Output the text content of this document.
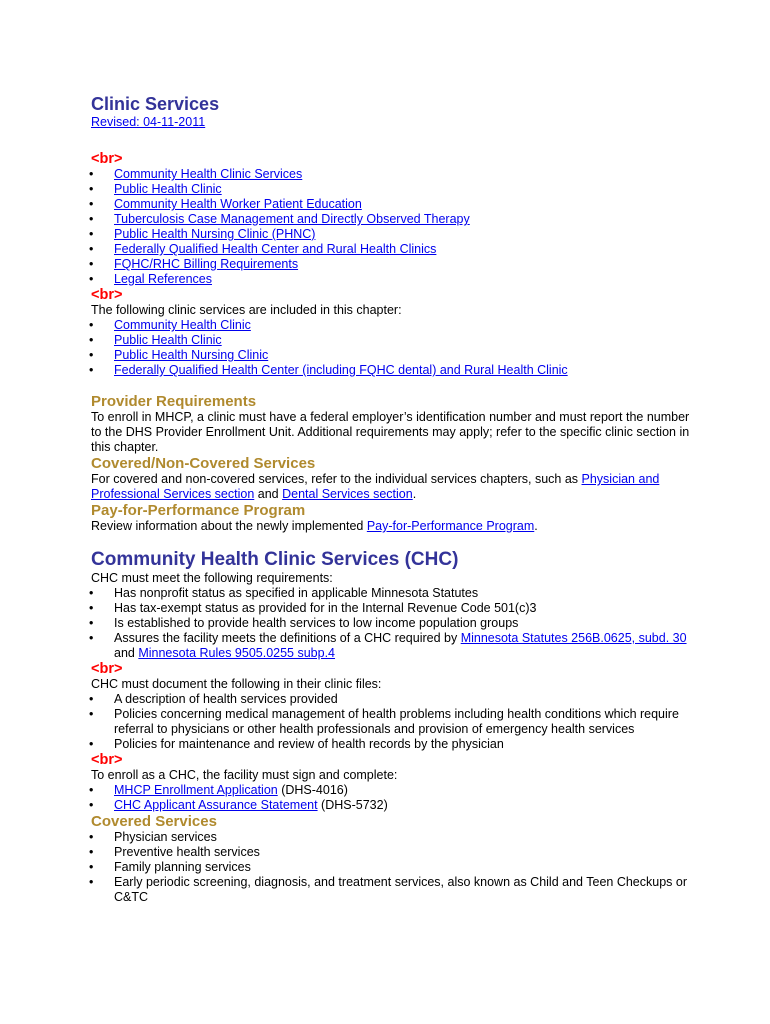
Clinic Services
Revised: 04-11-2011
<br>
• Community Health Clinic Services
• Public Health Clinic
• Community Health Worker Patient Education
• Tuberculosis Case Management and Directly Observed Therapy
• Public Health Nursing Clinic (PHNC)
• Federally Qualified Health Center and Rural Health Clinics
• FQHC/RHC Billing Requirements
• Legal References
<br>

The following clinic services are included in this chapter:

• Community Health Clinic
• Public Health Clinic
• Public Health Nursing Clinic
• Federally Qualified Health Center (including FQHC dental) and Rural Health Clinic
Provider Requirements

To enroll in MHCP, a clinic must have a federal employer’s identification number and must report the number to the DHS Provider Enrollment Unit. Additional requirements may apply; refer to the specific clinic section in this chapter.

Covered/Non-Covered Services

For covered and non-covered services, refer to the individual services chapters, such as Physician and Professional Services section and Dental Services section.

Pay-for-Performance Program

Review information about the newly implemented Pay-for-Performance Program.

Community Health Clinic Services (CHC)

CHC must meet the following requirements:

• Has nonprofit status as specified in applicable Minnesota Statutes
• Has tax-exempt status as provided for in the Internal Revenue Code 501(c)3
• Is established to provide health services to low income population groups
• Assures the facility meets the definitions of a CHC required by Minnesota Statutes 256B.0625, subd. 30 and Minnesota Rules 9505.0255 subp.4
<br>

CHC must document the following in their clinic files:

• A description of health services provided
• Policies concerning medical management of health problems including health conditions which require referral to physicians or other health professionals and provision of emergency health services
• Policies for maintenance and review of health records by the physician
<br>

To enroll as a CHC, the facility must sign and complete:

• MHCP Enrollment Application (DHS-4016)
• CHC Applicant Assurance Statement (DHS-5732)
Covered Services
• Physician services
• Preventive health services
• Family planning services
• Early periodic screening, diagnosis, and treatment services, also known as Child and Teen Checkups or C&TC
